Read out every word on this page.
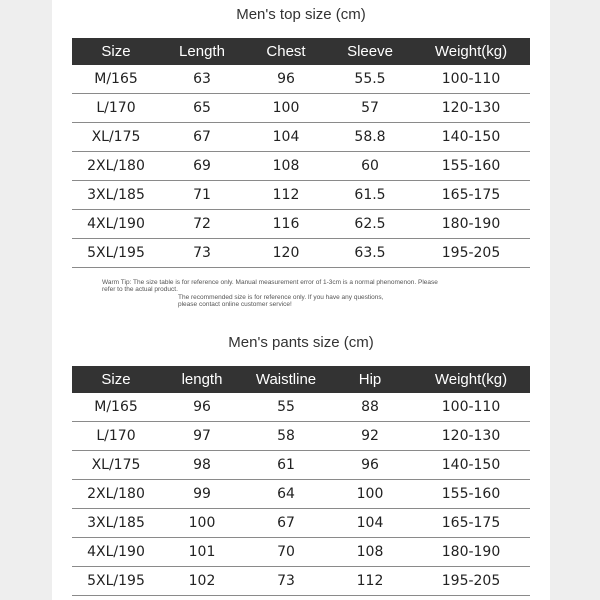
Men's top size (cm)
Size	Length	Chest	Sleeve	Weight(kg)
M/165	63	96	55.5	100-110
L/170	65	100	57	120-130
XL/175	67	104	58.8	140-150
2XL/180	69	108	60	155-160
3XL/185	71	112	61.5	165-175
4XL/190	72	116	62.5	180-190
5XL/195	73	120	63.5	195-205
Warm Tip: The size table is for reference only. Manual measurement error of 1-3cm is a normal phenomenon. Please
refer to the actual product.
The recommended size is for reference only. If you have any questions,
please contact online customer service!
Men's pants size (cm)
Size	length	Waistline	Hip	Weight(kg)
M/165	96	55	88	100-110
L/170	97	58	92	120-130
XL/175	98	61	96	140-150
2XL/180	99	64	100	155-160
3XL/185	100	67	104	165-175
4XL/190	101	70	108	180-190
5XL/195	102	73	112	195-205
